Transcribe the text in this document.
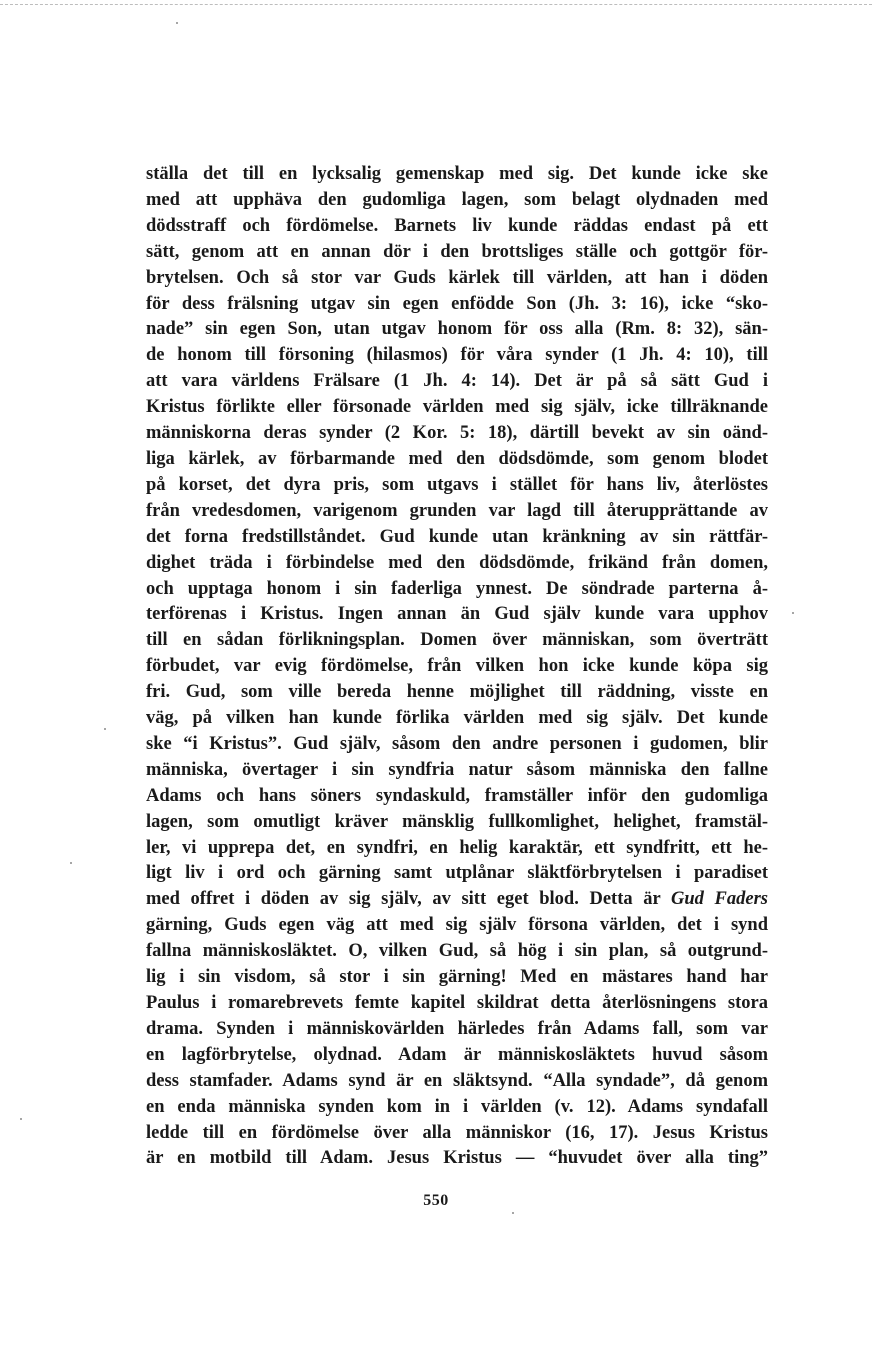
ställa det till en lycksalig gemenskap med sig. Det kunde icke ske
med att upphäva den gudomliga lagen, som belagt olydnaden med
dödsstraff och fördömelse. Barnets liv kunde räddas endast på ett
sätt, genom att en annan dör i den brottsliges ställe och gottgör för-
brytelsen. Och så stor var Guds kärlek till världen, att han i döden
för dess frälsning utgav sin egen enfödde Son (Jh. 3: 16), icke “sko-
nade” sin egen Son, utan utgav honom för oss alla (Rm. 8: 32), sän-
de honom till försoning (hilasmos) för våra synder (1 Jh. 4: 10), till
att vara världens Frälsare (1 Jh. 4: 14). Det är på så sätt Gud i
Kristus förlikte eller försonade världen med sig själv, icke tillräknande
människorna deras synder (2 Kor. 5: 18), därtill bevekt av sin oänd-
liga kärlek, av förbarmande med den dödsdömde, som genom blodet
på korset, det dyra pris, som utgavs i stället för hans liv, återlöstes
från vredesdomen, varigenom grunden var lagd till återupprättande av
det forna fredstillståndet. Gud kunde utan kränkning av sin rättfär-
dighet träda i förbindelse med den dödsdömde, frikänd från domen,
och upptaga honom i sin faderliga ynnest. De söndrade parterna å-
terförenas i Kristus. Ingen annan än Gud själv kunde vara upphov
till en sådan förlikningsplan. Domen över människan, som överträtt
förbudet, var evig fördömelse, från vilken hon icke kunde köpa sig
fri. Gud, som ville bereda henne möjlighet till räddning, visste en
väg, på vilken han kunde förlika världen med sig själv. Det kunde
ske “i Kristus”. Gud själv, såsom den andre personen i gudomen, blir
människa, övertager i sin syndfria natur såsom människa den fallne
Adams och hans söners syndaskuld, framställer inför den gudomliga
lagen, som omutligt kräver mänsklig fullkomlighet, helighet, framstäl-
ler, vi upprepa det, en syndfri, en helig karaktär, ett syndfritt, ett he-
ligt liv i ord och gärning samt utplånar släktförbrytelsen i paradiset
med offret i döden av sig själv, av sitt eget blod. Detta är Gud Faders
gärning, Guds egen väg att med sig själv försona världen, det i synd
fallna människosläktet. O, vilken Gud, så hög i sin plan, så outgrund-
lig i sin visdom, så stor i sin gärning! Med en mästares hand har
Paulus i romarebrevets femte kapitel skildrat detta återlösningens stora
drama. Synden i människovärlden härledes från Adams fall, som var
en lagförbrytelse, olydnad. Adam är människosläktets huvud såsom
dess stamfader. Adams synd är en släktsynd. “Alla syndade”, då genom
en enda människa synden kom in i världen (v. 12). Adams syndafall
ledde till en fördömelse över alla människor (16, 17). Jesus Kristus
är en motbild till Adam. Jesus Kristus — “huvudet över alla ting”
550
